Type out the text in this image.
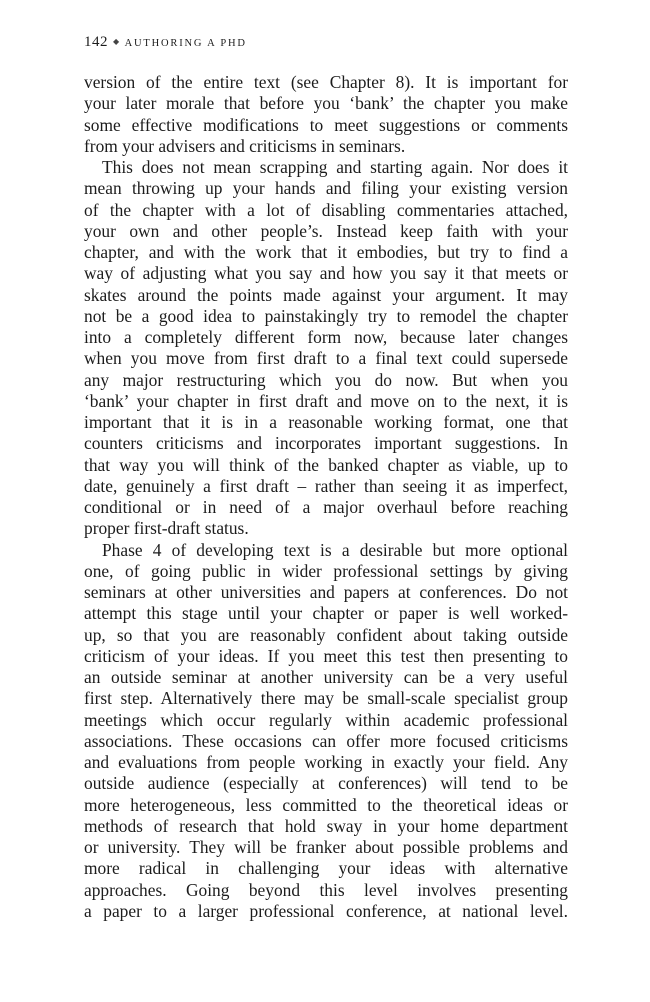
142 ◆ AUTHORING A PHD
version of the entire text (see Chapter 8). It is important for
your later morale that before you ‘bank’ the chapter you make
some effective modifications to meet suggestions or comments
from your advisers and criticisms in seminars.
This does not mean scrapping and starting again. Nor does it
mean throwing up your hands and filing your existing version
of the chapter with a lot of disabling commentaries attached,
your own and other people’s. Instead keep faith with your
chapter, and with the work that it embodies, but try to find a
way of adjusting what you say and how you say it that meets or
skates around the points made against your argument. It may
not be a good idea to painstakingly try to remodel the chapter
into a completely different form now, because later changes
when you move from first draft to a final text could supersede
any major restructuring which you do now. But when you
‘bank’ your chapter in first draft and move on to the next, it is
important that it is in a reasonable working format, one that
counters criticisms and incorporates important suggestions. In
that way you will think of the banked chapter as viable, up to
date, genuinely a first draft – rather than seeing it as imperfect,
conditional or in need of a major overhaul before reaching
proper first-draft status.
Phase 4 of developing text is a desirable but more optional
one, of going public in wider professional settings by giving
seminars at other universities and papers at conferences. Do not
attempt this stage until your chapter or paper is well worked-
up, so that you are reasonably confident about taking outside
criticism of your ideas. If you meet this test then presenting to
an outside seminar at another university can be a very useful
first step. Alternatively there may be small-scale specialist group
meetings which occur regularly within academic professional
associations. These occasions can offer more focused criticisms
and evaluations from people working in exactly your field. Any
outside audience (especially at conferences) will tend to be
more heterogeneous, less committed to the theoretical ideas or
methods of research that hold sway in your home department
or university. They will be franker about possible problems and
more radical in challenging your ideas with alternative
approaches. Going beyond this level involves presenting
a paper to a larger professional conference, at national level.
